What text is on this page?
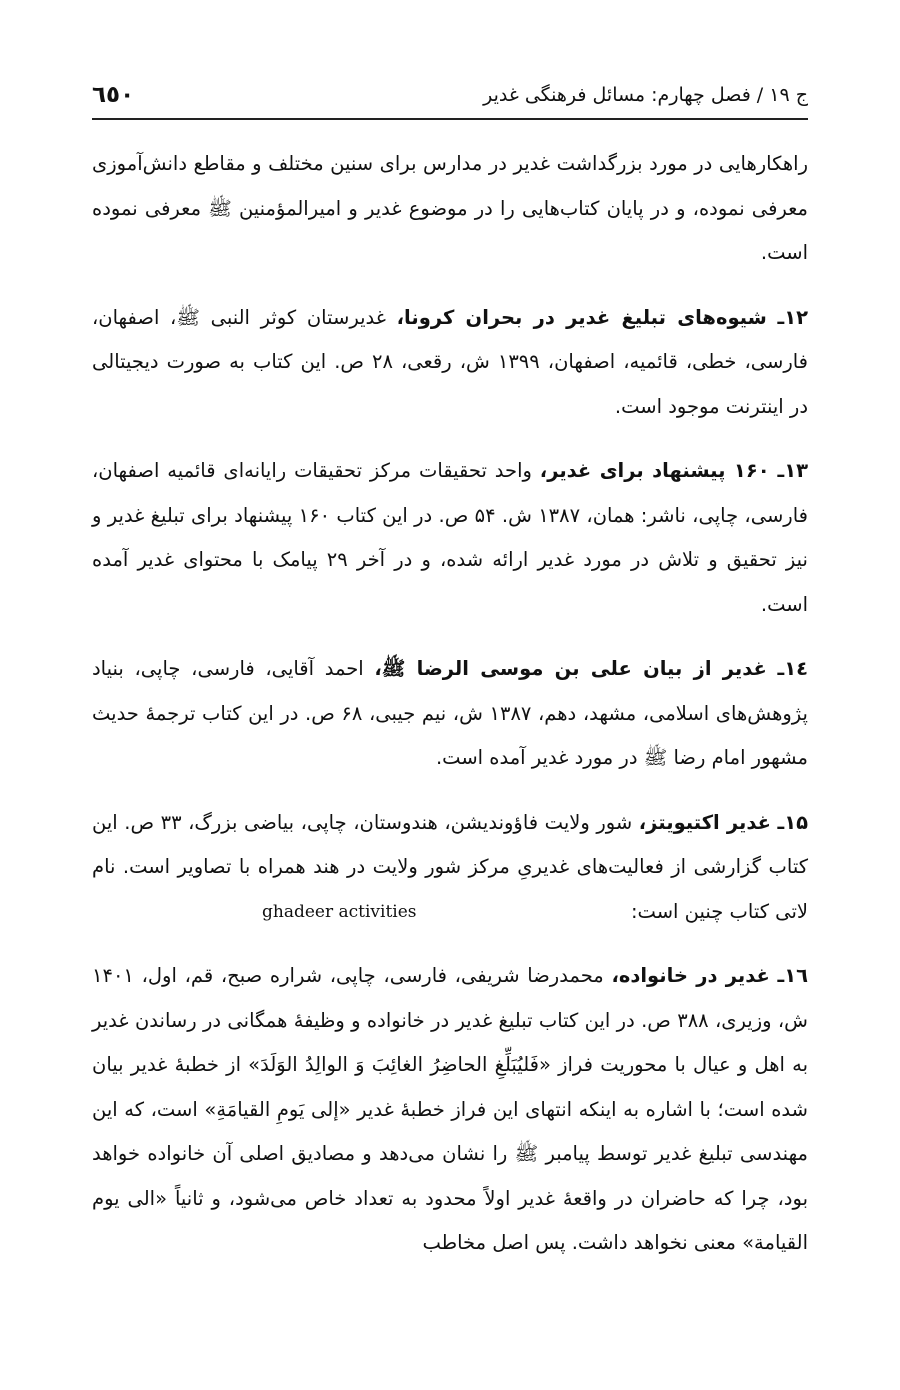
٦٥٠	ج ۱۹ / فصل چهارم: مسائل فرهنگی غدیر

راهکارهایی در مورد بزرگداشت غدیر در مدارس برای سنین مختلف و مقاطع دانش‌آموزی معرفی نموده، و در پایان کتاب‌هایی را در موضوع غدیر و امیرالمؤمنین ﷺ معرفی نموده است.

۱۲ـ شیوه‌های تبلیغ غدیر در بحران کرونا، غدیرستان کوثر النبی ﷺ، اصفهان، فارسی، خطی، قائمیه، اصفهان، ۱۳۹۹ ش، رقعی، ۲۸ ص. این کتاب به صورت دیجیتالی در اینترنت موجود است.

۱۳ـ ۱۶۰ پیشنهاد برای غدیر، واحد تحقیقات مرکز تحقیقات رایانه‌ای قائمیه اصفهان، فارسی، چاپی، ناشر: همان، ۱۳۸۷ ش. ۵۴ ص. در این کتاب ۱۶۰ پیشنهاد برای تبلیغ غدیر و نیز تحقیق و تلاش در مورد غدیر ارائه شده، و در آخر ۲۹ پیامک با محتوای غدیر آمده است.

۱٤ـ غدیر از بیان علی بن موسی الرضا ﷺ، احمد آقایی، فارسی، چاپی، بنیاد پژوهش‌های اسلامی، مشهد، دهم، ۱۳۸۷ ش، نیم جیبی، ۶۸ ص. در این کتاب ترجمهٔ حدیث مشهور امام رضا ﷺ در مورد غدیر آمده است.

۱۵ـ غدیر اکتیویتز، شور ولایت فاؤوندیشن، هندوستان، چاپی، بیاضی بزرگ، ۳۳ ص. این کتاب گزارشی از فعالیت‌های غدیریِ مرکز شور ولایت در هند همراه با تصاویر است. نام لاتی کتاب چنین است:
ghadeer activities

۱٦ـ غدیر در خانواده، محمدرضا شریفی، فارسی، چاپی، شراره صبح، قم، اول، ۱۴۰۱ ش، وزیری، ۳۸۸ ص. در این کتاب تبلیغ غدیر در خانواده و وظیفهٔ همگانی در رساندن غدیر به اهل و عیال با محوریت فراز «فَلیُبَلِّغِ الحاضِرُ الغائِبَ وَ الوالِدُ الوَلَدَ» از خطبهٔ غدیر بیان شده است؛ با اشاره به اینکه انتهای این فراز خطبهٔ غدیر «إلی یَومِ القیامَةِ» است، که این مهندسی تبلیغ غدیر توسط پیامبر ﷺ را نشان می‌دهد و مصادیق اصلی آن خانواده خواهد بود، چرا که حاضران در واقعهٔ غدیر اولاً محدود به تعداد خاص می‌شود، و ثانیاً «الی یوم القیامة» معنی نخواهد داشت. پس اصل مخاطب
